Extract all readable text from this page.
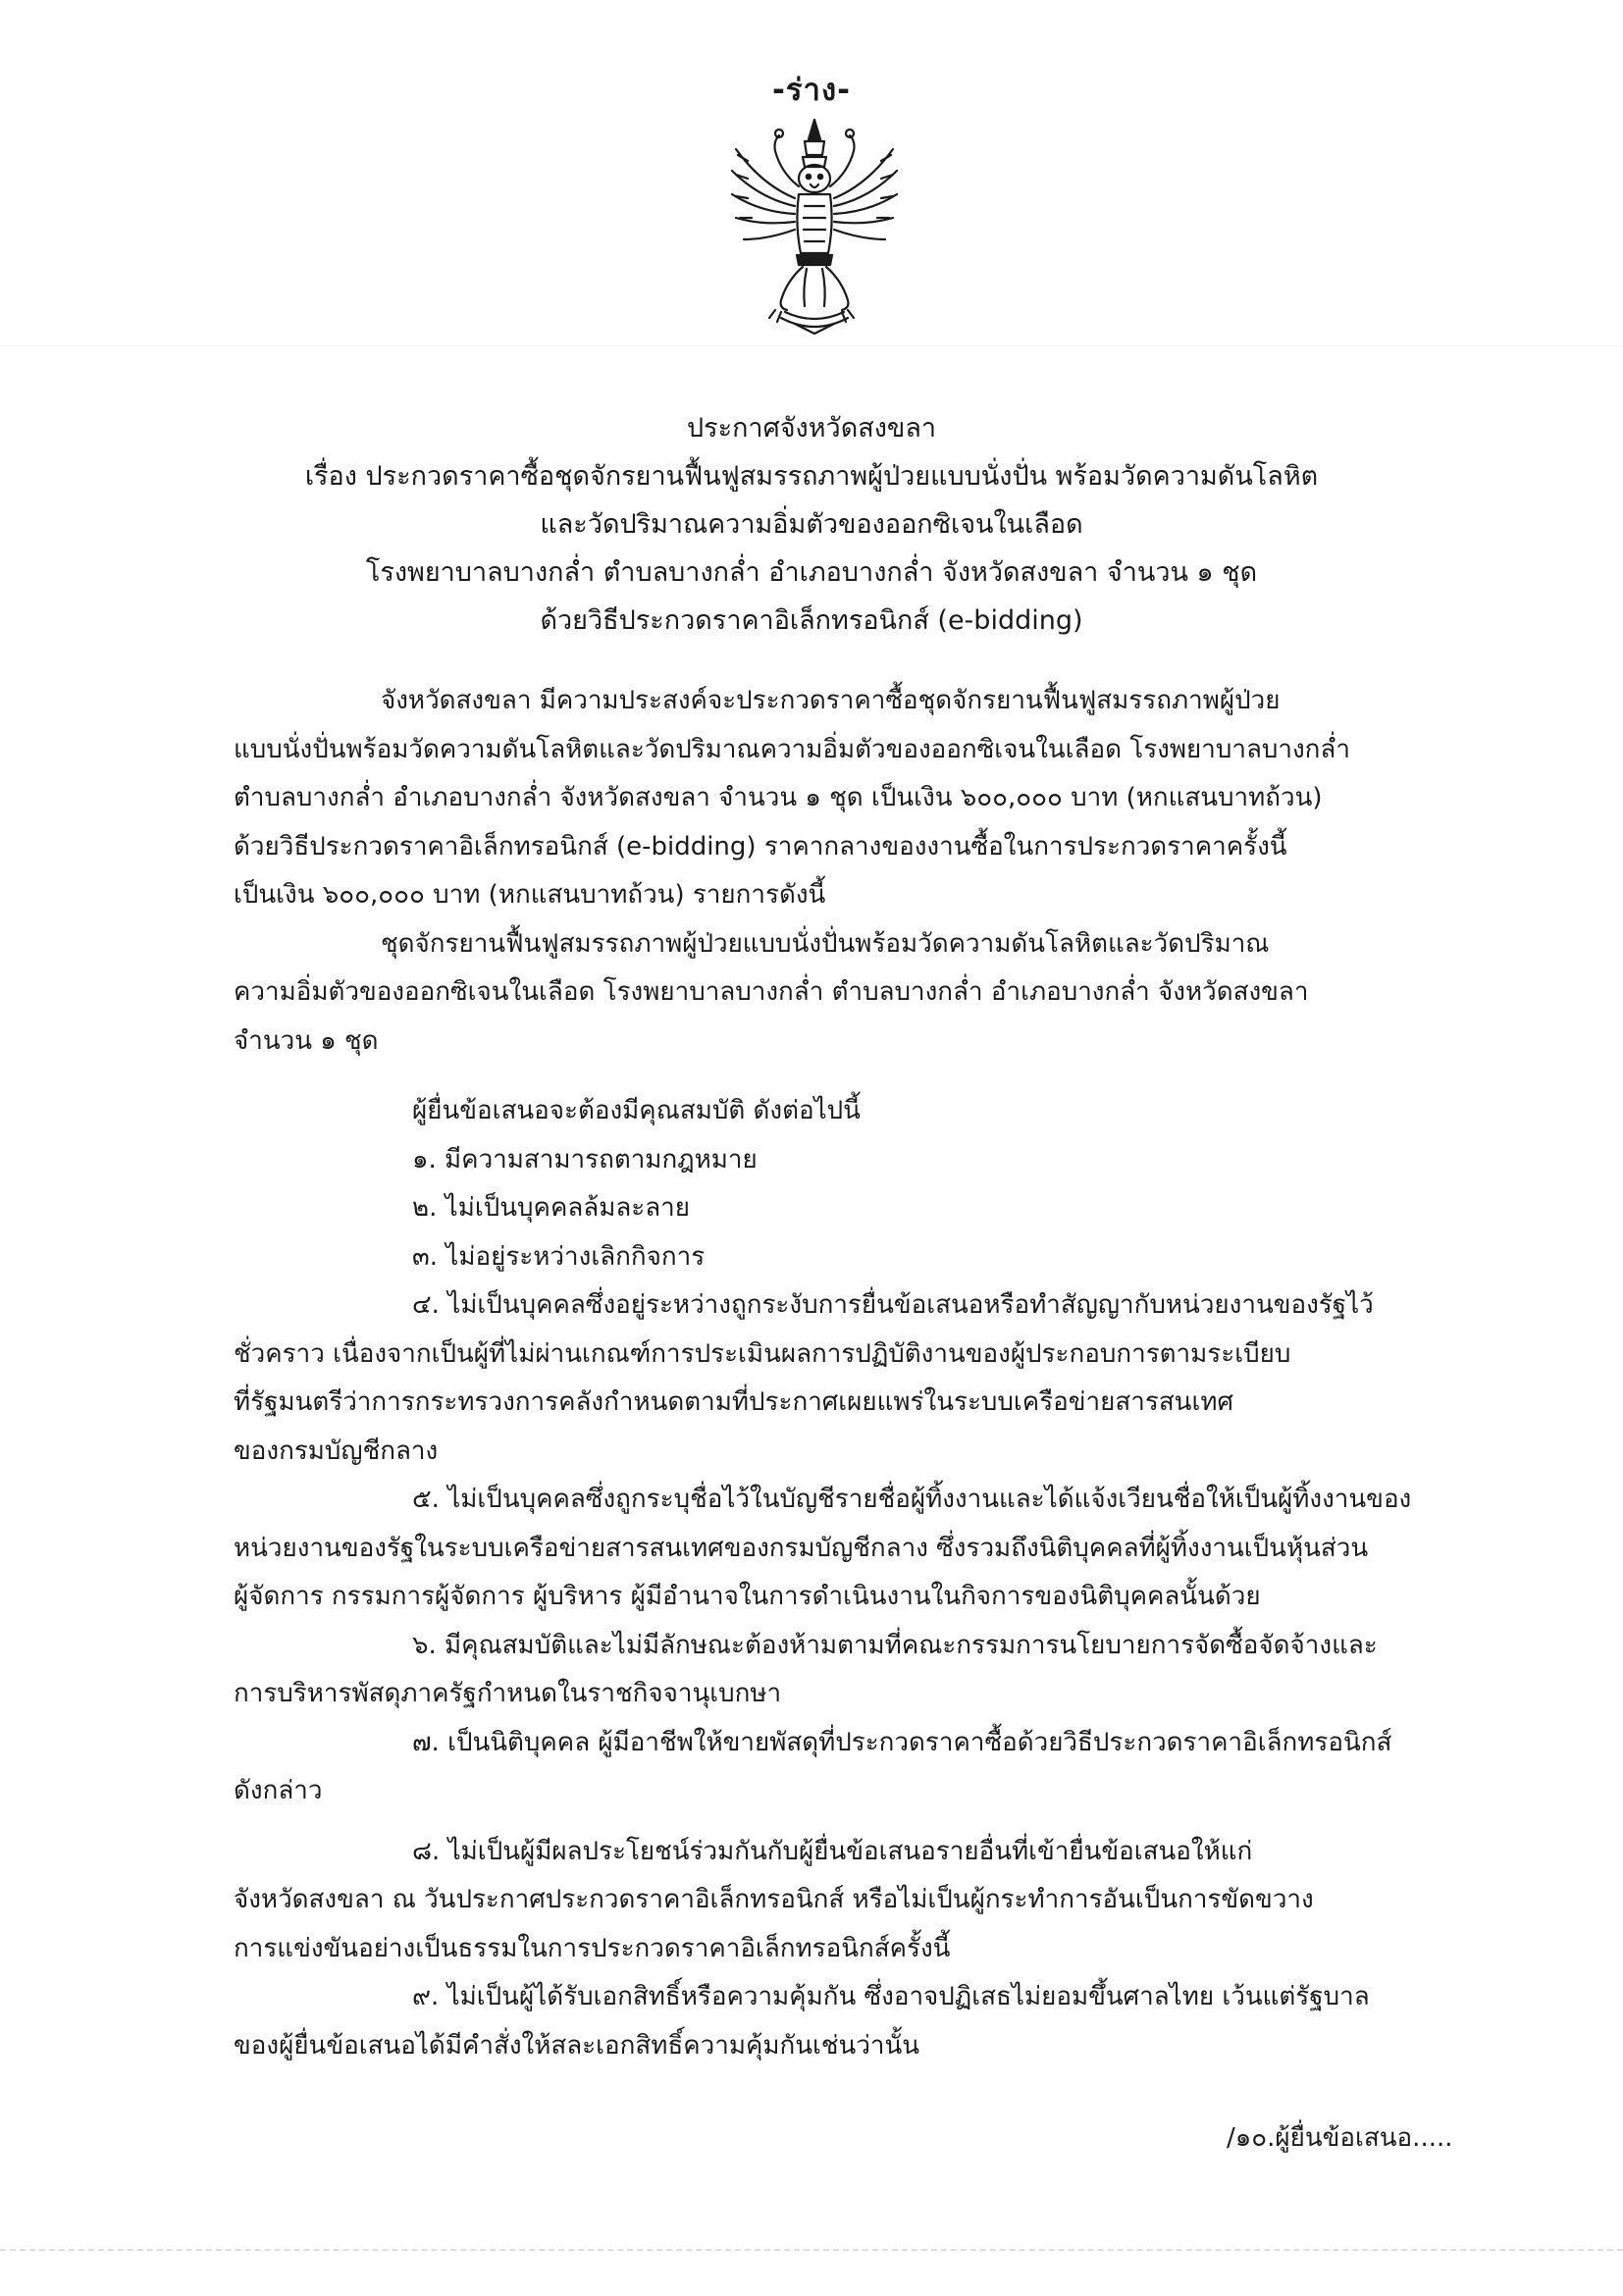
-ร่าง-
ประกาศจังหวัดสงขลา
เรื่อง ประกวดราคาซื้อชุดจักรยานฟื้นฟูสมรรถภาพผู้ป่วยแบบนั่งปั่น พร้อมวัดความดันโลหิต
และวัดปริมาณความอิ่มตัวของออกซิเจนในเลือด
โรงพยาบาลบางกล่ำ ตำบลบางกล่ำ อำเภอบางกล่ำ จังหวัดสงขลา จำนวน ๑ ชุด
ด้วยวิธีประกวดราคาอิเล็กทรอนิกส์ (e-bidding)
จังหวัดสงขลา มีความประสงค์จะประกวดราคาซื้อชุดจักรยานฟื้นฟูสมรรถภาพผู้ป่วย
แบบนั่งปั่นพร้อมวัดความดันโลหิตและวัดปริมาณความอิ่มตัวของออกซิเจนในเลือด โรงพยาบาลบางกล่ำ
ตำบลบางกล่ำ อำเภอบางกล่ำ จังหวัดสงขลา จำนวน ๑ ชุด เป็นเงิน ๖๐๐,๐๐๐ บาท (หกแสนบาทถ้วน)
ด้วยวิธีประกวดราคาอิเล็กทรอนิกส์ (e-bidding) ราคากลางของงานซื้อในการประกวดราคาครั้งนี้
เป็นเงิน ๖๐๐,๐๐๐ บาท (หกแสนบาทถ้วน) รายการดังนี้
ชุดจักรยานฟื้นฟูสมรรถภาพผู้ป่วยแบบนั่งปั่นพร้อมวัดความดันโลหิตและวัดปริมาณ
ความอิ่มตัวของออกซิเจนในเลือด โรงพยาบาลบางกล่ำ ตำบลบางกล่ำ อำเภอบางกล่ำ จังหวัดสงขลา
จำนวน ๑ ชุด
ผู้ยื่นข้อเสนอจะต้องมีคุณสมบัติ ดังต่อไปนี้
๑. มีความสามารถตามกฎหมาย
๒. ไม่เป็นบุคคลล้มละลาย
๓. ไม่อยู่ระหว่างเลิกกิจการ
๔. ไม่เป็นบุคคลซึ่งอยู่ระหว่างถูกระงับการยื่นข้อเสนอหรือทำสัญญากับหน่วยงานของรัฐไว้
ชั่วคราว เนื่องจากเป็นผู้ที่ไม่ผ่านเกณฑ์การประเมินผลการปฏิบัติงานของผู้ประกอบการตามระเบียบ
ที่รัฐมนตรีว่าการกระทรวงการคลังกำหนดตามที่ประกาศเผยแพร่ในระบบเครือข่ายสารสนเทศ
ของกรมบัญชีกลาง
๕. ไม่เป็นบุคคลซึ่งถูกระบุชื่อไว้ในบัญชีรายชื่อผู้ทิ้งงานและได้แจ้งเวียนชื่อให้เป็นผู้ทิ้งงานของ
หน่วยงานของรัฐในระบบเครือข่ายสารสนเทศของกรมบัญชีกลาง ซึ่งรวมถึงนิติบุคคลที่ผู้ทิ้งงานเป็นหุ้นส่วน
ผู้จัดการ กรรมการผู้จัดการ ผู้บริหาร ผู้มีอำนาจในการดำเนินงานในกิจการของนิติบุคคลนั้นด้วย
๖. มีคุณสมบัติและไม่มีลักษณะต้องห้ามตามที่คณะกรรมการนโยบายการจัดซื้อจัดจ้างและ
การบริหารพัสดุภาครัฐกำหนดในราชกิจจานุเบกษา
๗. เป็นนิติบุคคล ผู้มีอาชีพให้ขายพัสดุที่ประกวดราคาซื้อด้วยวิธีประกวดราคาอิเล็กทรอนิกส์
ดังกล่าว
๘. ไม่เป็นผู้มีผลประโยชน์ร่วมกันกับผู้ยื่นข้อเสนอรายอื่นที่เข้ายื่นข้อเสนอให้แก่
จังหวัดสงขลา ณ วันประกาศประกวดราคาอิเล็กทรอนิกส์ หรือไม่เป็นผู้กระทำการอันเป็นการขัดขวาง
การแข่งขันอย่างเป็นธรรมในการประกวดราคาอิเล็กทรอนิกส์ครั้งนี้
๙. ไม่เป็นผู้ได้รับเอกสิทธิ์หรือความคุ้มกัน ซึ่งอาจปฏิเสธไม่ยอมขึ้นศาลไทย เว้นแต่รัฐบาล
ของผู้ยื่นข้อเสนอได้มีคำสั่งให้สละเอกสิทธิ์ความคุ้มกันเช่นว่านั้น
/๑๐.ผู้ยื่นข้อเสนอ.....
